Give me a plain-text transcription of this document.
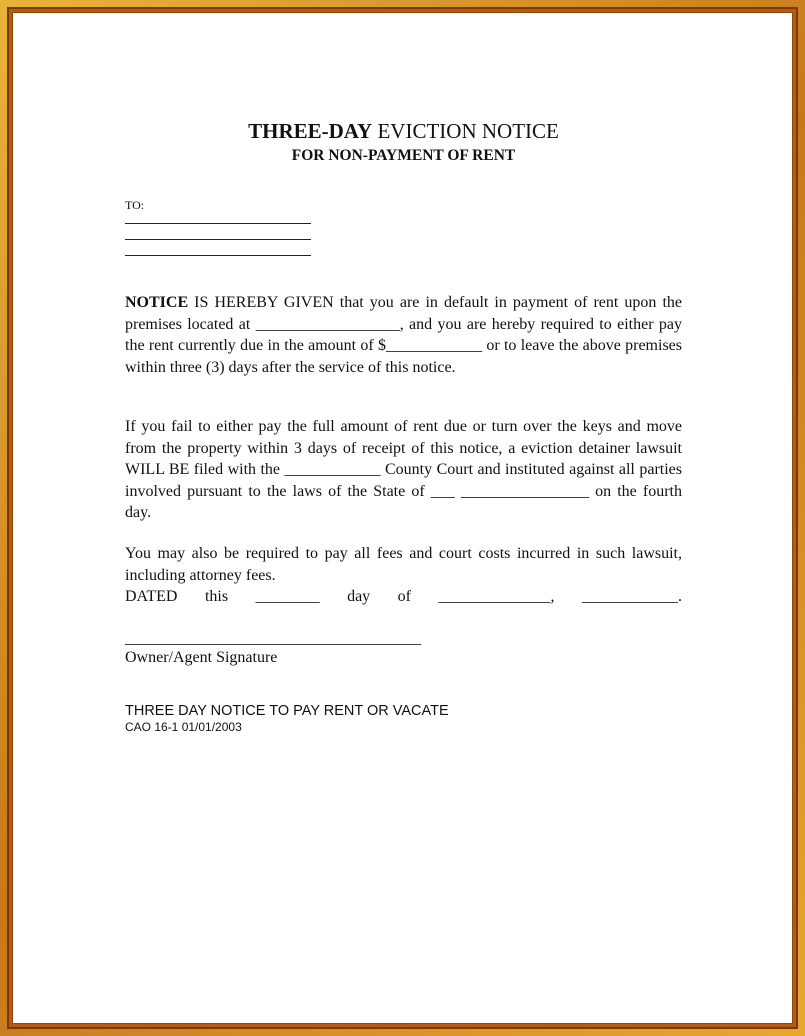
THREE-DAY EVICTION NOTICE
FOR NON-PAYMENT OF RENT
TO:
NOTICE IS HEREBY GIVEN that you are in default in payment of rent upon the premises located at __________________, and you are hereby required to either pay the rent currently due in the amount of $____________ or to leave the above premises within three (3) days after the service of this notice.
If you fail to either pay the full amount of rent due or turn over the keys and move from the property within 3 days of receipt of this notice, a eviction detainer lawsuit WILL BE filed with the ____________ County Court and instituted against all parties involved pursuant to the laws of the State of ___ ________________ on the fourth day.
You may also be required to pay all fees and court costs incurred in such lawsuit, including attorney fees.
DATED this ________ day of ______________, ____________.
_____________________________________
Owner/Agent Signature
THREE DAY NOTICE TO PAY RENT OR VACATE
CAO 16-1 01/01/2003
